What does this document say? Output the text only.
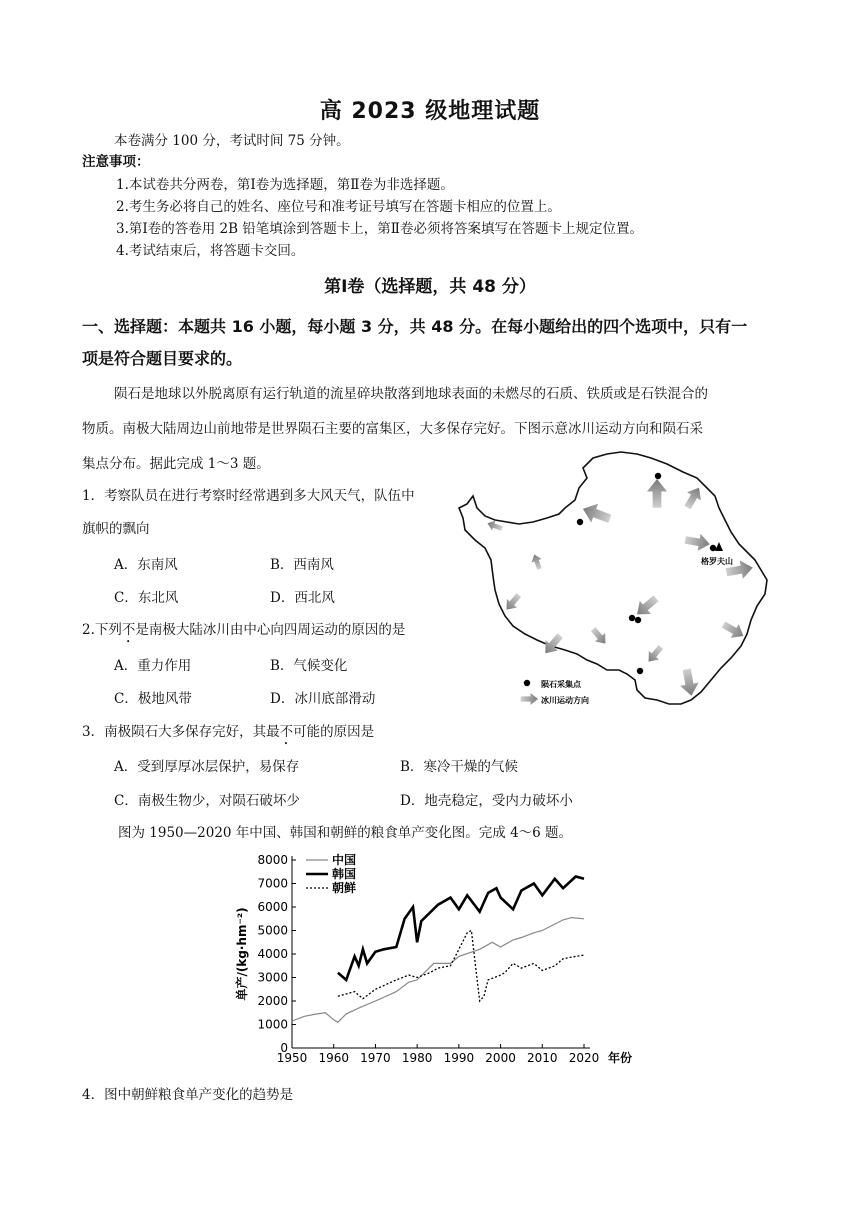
高 2023 级地理试题
本卷满分 100 分，考试时间 75 分钟。
注意事项：
1.本试卷共分两卷，第Ⅰ卷为选择题，第Ⅱ卷为非选择题。
2.考生务必将自己的姓名、座位号和准考证号填写在答题卡相应的位置上。
3.第Ⅰ卷的答卷用 2B 铅笔填涂到答题卡上，第Ⅱ卷必须将答案填写在答题卡上规定位置。
4.考试结束后，将答题卡交回。
第Ⅰ卷（选择题，共 48 分）
一、选择题：本题共 16 小题，每小题 3 分，共 48 分。在每小题给出的四个选项中，只有一
项是符合题目要求的。
陨石是地球以外脱离原有运行轨道的流星碎块散落到地球表面的未燃尽的石质、铁质或是石铁混合的
物质。南极大陆周边山前地带是世界陨石主要的富集区，大多保存完好。下图示意冰川运动方向和陨石采
集点分布。据此完成 1～3 题。
1．考察队员在进行考察时经常遇到多大风天气，队伍中
旗帜的飘向
A．东南风	B．西南风
C．东北风	D．西北风
2.下列不是南极大陆冰川由中心向四周运动的原因的是
A．重力作用	B．气候变化
C．极地风带	D．冰川底部滑动
3．南极陨石大多保存完好，其最不可能的原因是
A．受到厚厚冰层保护，易保存	B．寒冷干燥的气候
C．南极生物少，对陨石破坏少	D．地壳稳定，受内力破坏小
图为 1950—2020 年中国、韩国和朝鲜的粮食单产变化图。完成 4～6 题。
格罗夫山
陨石采集点
冰川运动方向
0
1000
2000
3000
4000
5000
6000
7000
8000
1950 1960 1970 1980 1990 2000 2010 2020 年份
单产/(kg·hm⁻²)
中国
韩国
朝鲜
4．图中朝鲜粮食单产变化的趋势是
